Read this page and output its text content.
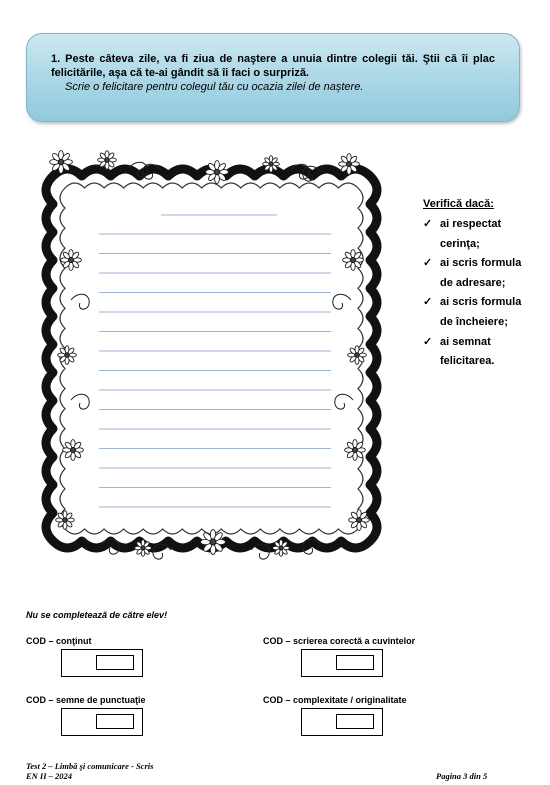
1. Peste câteva zile, va fi ziua de naştere a unuia dintre colegii tăi. Ştii că îi plac felicitările, aşa că te-ai gândit să îi faci o surpriză.

Scrie o felicitare pentru colegul tău cu ocazia zilei de naștere.

Verifică dacă:

✓ ai respectat cerinţa;
✓ ai scris formula de adresare;
✓ ai scris formula de încheiere;
✓ ai semnat felicitarea.
Nu se completează de către elev!
COD – conţinut	COD – scrierea corectă a cuvintelor
COD – semne de punctuaţie	COD – complexitate / originalitate
Test 2 – Limbă şi comunicare - Scris
EN II – 2024	Pagina 3 din 5
